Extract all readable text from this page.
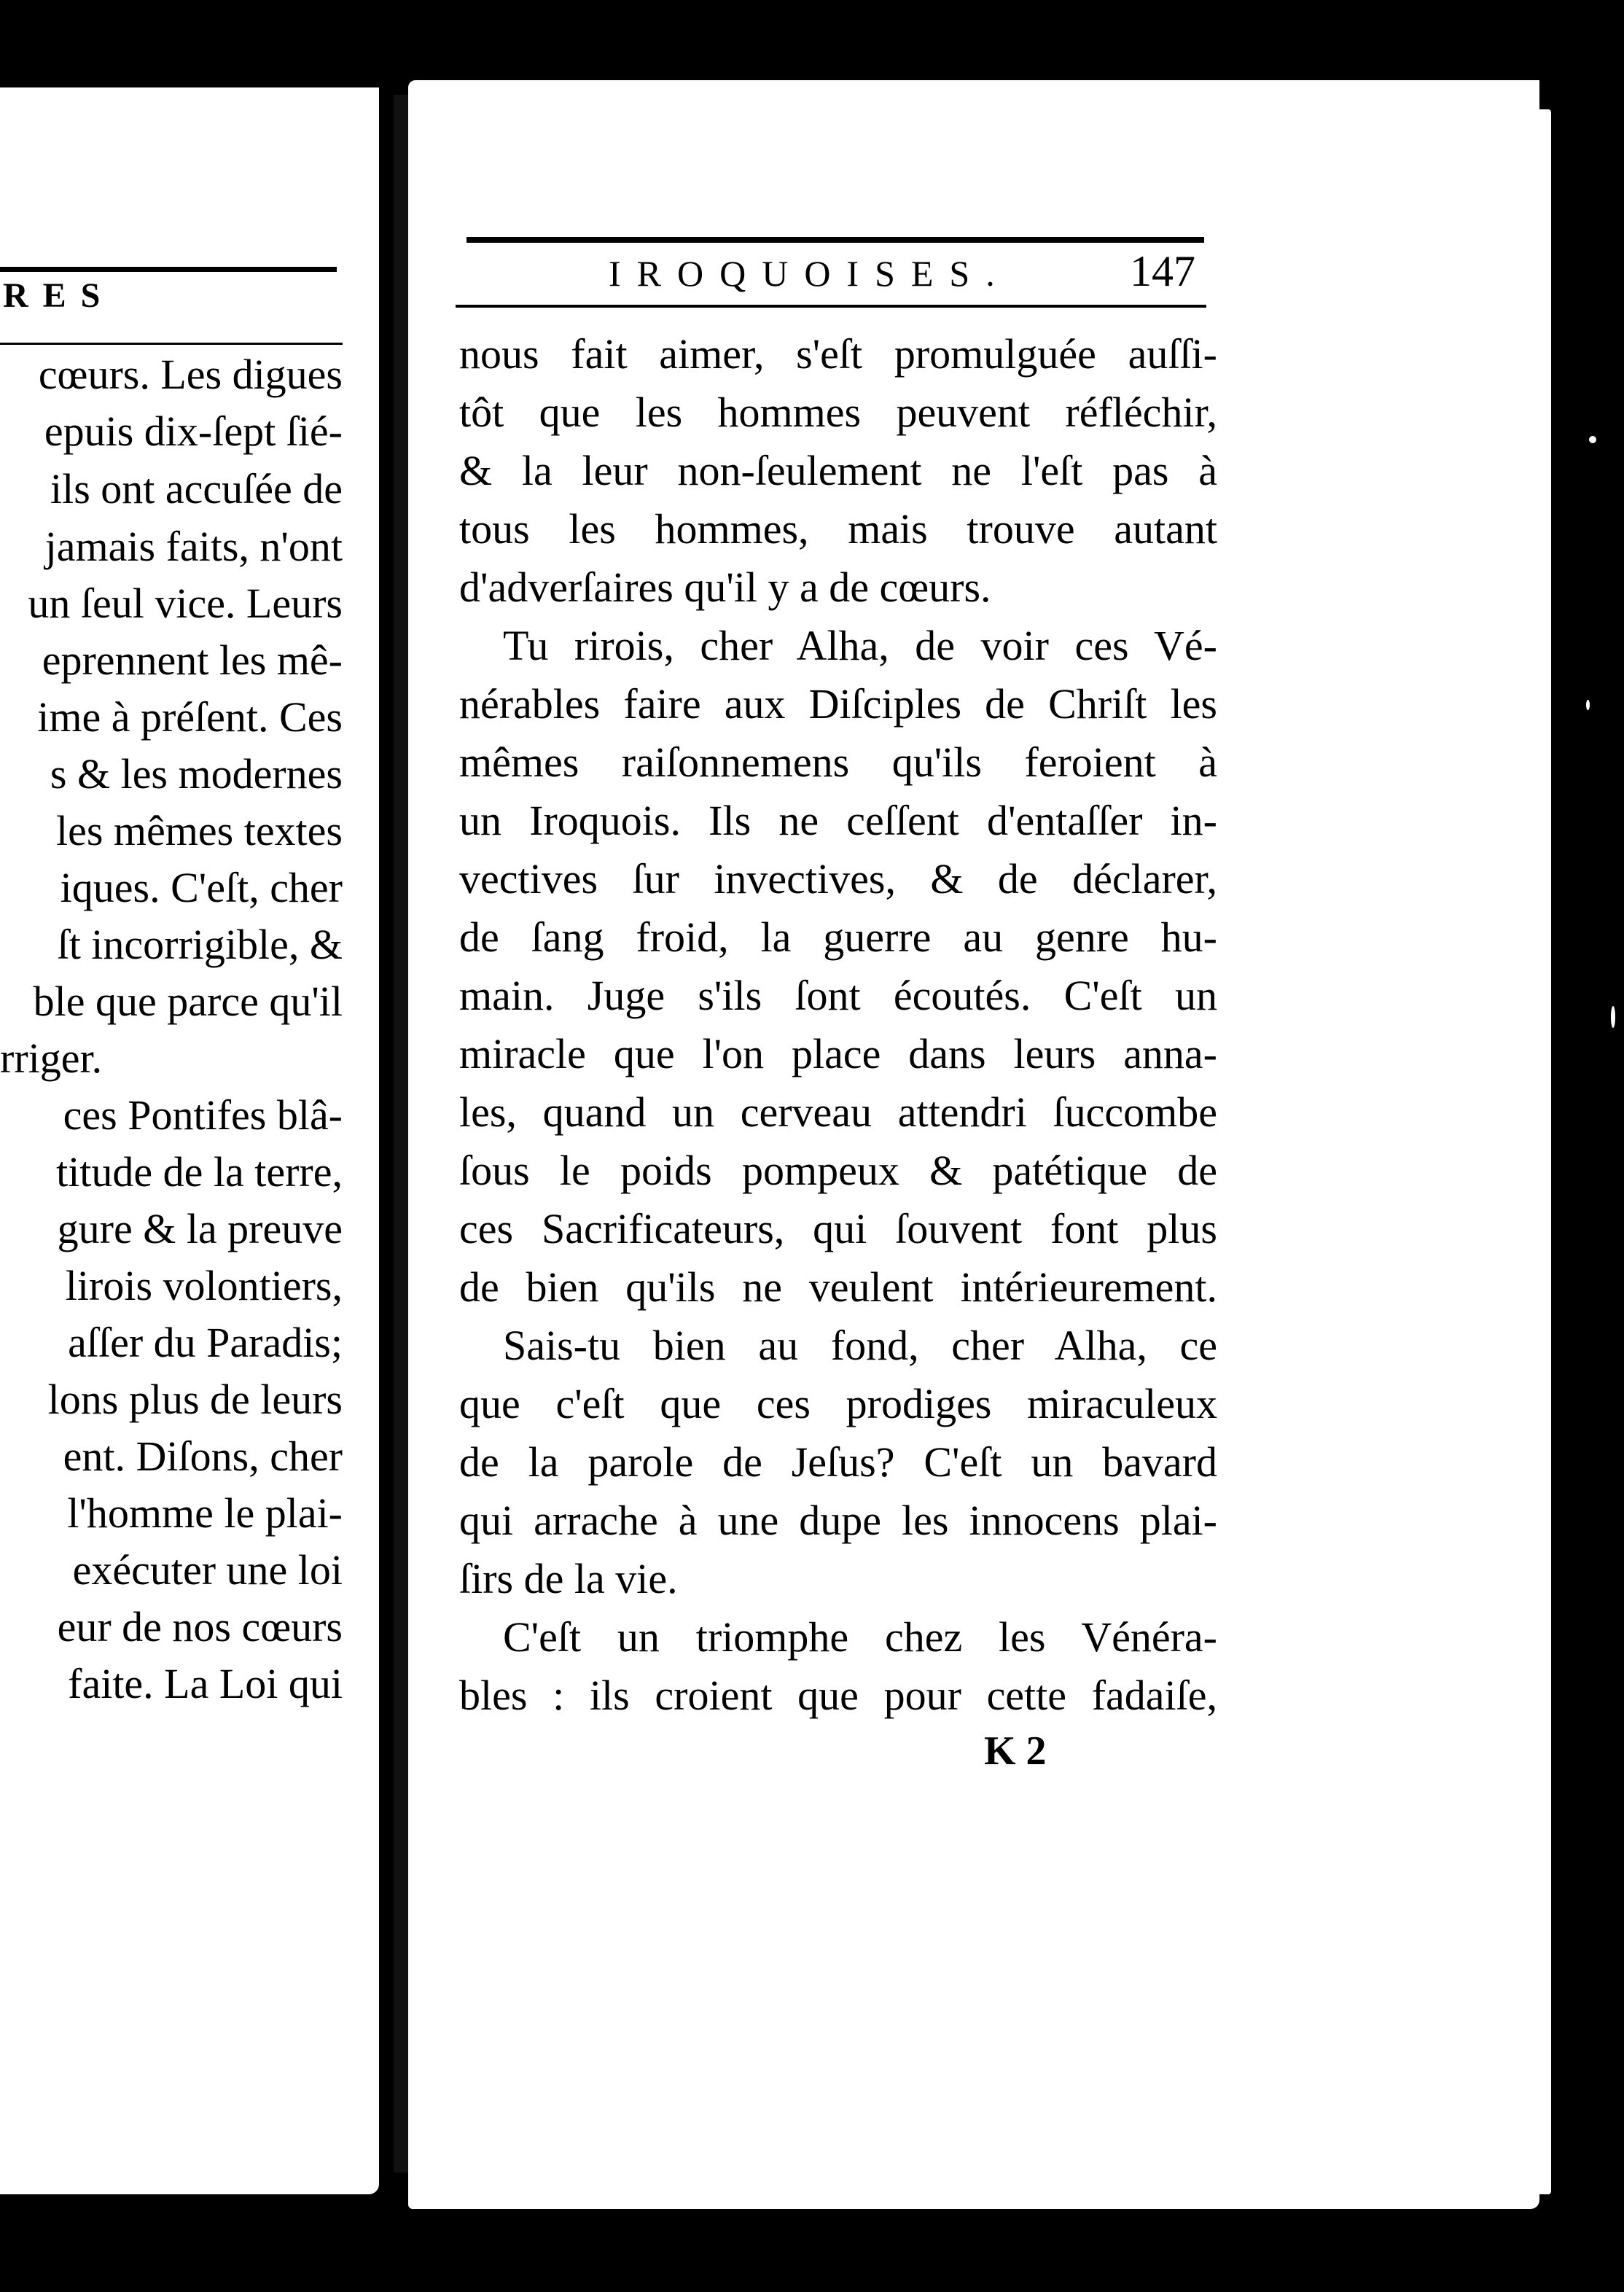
RES
cœurs. Les digues
epuis dix-ſept ſié-
ils ont accuſée de
jamais faits, n'ont
un ſeul vice. Leurs
eprennent les mê-
ime à préſent. Ces
s & les modernes
les mêmes textes
iques. C'eſt, cher
ſt incorrigible, &
ble que parce qu'il
rriger.
ces Pontifes blâ-
titude de la terre,
gure & la preuve
lirois volontiers,
aſſer du Paradis;
lons plus de leurs
ent. Diſons, cher
l'homme le plai-
exécuter une loi
eur de nos cœurs
faite. La Loi qui
IROQUOISES.	147
nous fait aimer, s'eſt promulguée auſſi-
tôt que les hommes peuvent réfléchir,
& la leur non-ſeulement ne l'eſt pas à
tous les hommes, mais trouve autant
d'adverſaires qu'il y a de cœurs.
Tu rirois, cher Alha, de voir ces Vé-
nérables faire aux Diſciples de Chriſt les
mêmes raiſonnemens qu'ils feroient à
un Iroquois. Ils ne ceſſent d'entaſſer in-
vectives ſur invectives, & de déclarer,
de ſang froid, la guerre au genre hu-
main. Juge s'ils ſont écoutés. C'eſt un
miracle que l'on place dans leurs anna-
les, quand un cerveau attendri ſuccombe
ſous le poids pompeux & patétique de
ces Sacrificateurs, qui ſouvent font plus
de bien qu'ils ne veulent intérieurement.
Sais-tu bien au fond, cher Alha, ce
que c'eſt que ces prodiges miraculeux
de la parole de Jeſus? C'eſt un bavard
qui arrache à une dupe les innocens plai-
ſirs de la vie.
C'eſt un triomphe chez les Vénéra-
bles : ils croient que pour cette fadaiſe,
K 2
